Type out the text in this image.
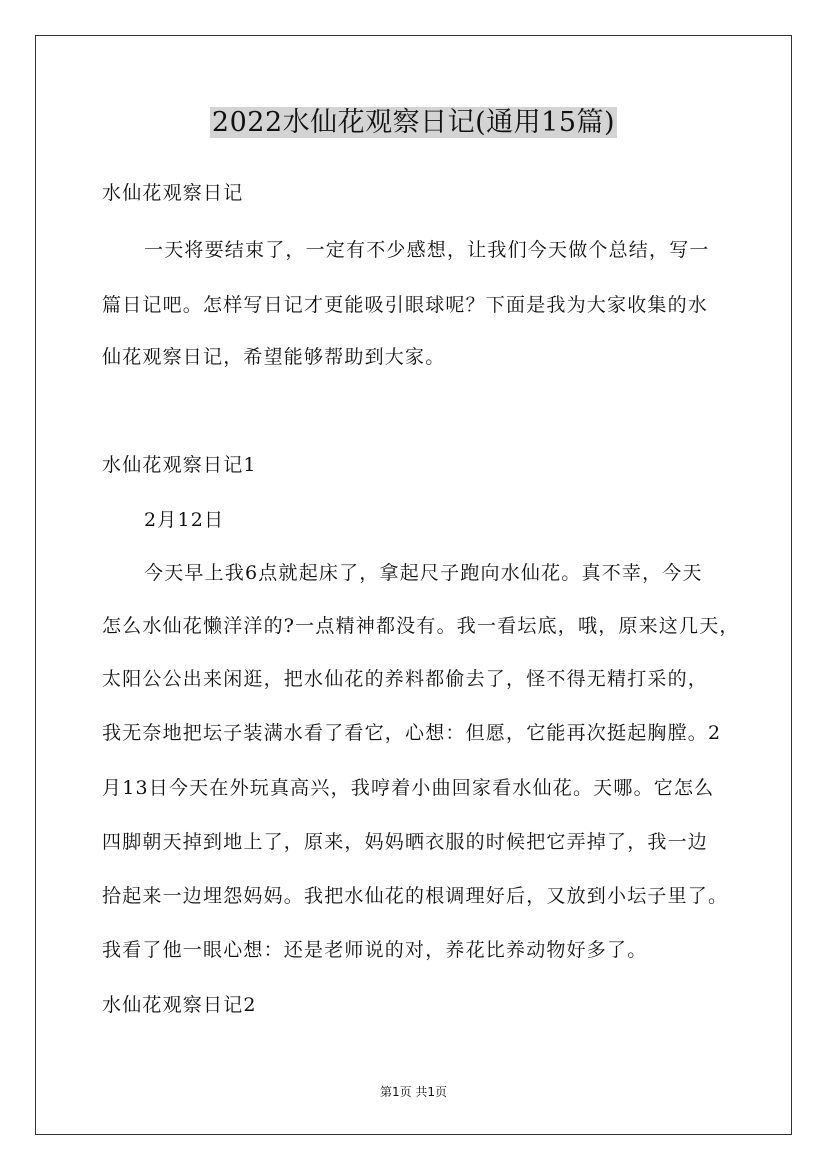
2022水仙花观察日记(通用15篇)
水仙花观察日记
一天将要结束了，一定有不少感想，让我们今天做个总结，写一
篇日记吧。怎样写日记才更能吸引眼球呢？下面是我为大家收集的水
仙花观察日记，希望能够帮助到大家。
水仙花观察日记1
2月12日
今天早上我6点就起床了，拿起尺子跑向水仙花。真不幸，今天
怎么水仙花懒洋洋的?一点精神都没有。我一看坛底，哦，原来这几天，
太阳公公出来闲逛，把水仙花的养料都偷去了，怪不得无精打采的，
我无奈地把坛子装满水看了看它，心想：但愿，它能再次挺起胸膛。2
月13日今天在外玩真高兴，我哼着小曲回家看水仙花。天哪。它怎么
四脚朝天掉到地上了，原来，妈妈晒衣服的时候把它弄掉了，我一边
拾起来一边埋怨妈妈。我把水仙花的根调理好后，又放到小坛子里了。
我看了他一眼心想：还是老师说的对，养花比养动物好多了。
水仙花观察日记2
第1页 共1页
